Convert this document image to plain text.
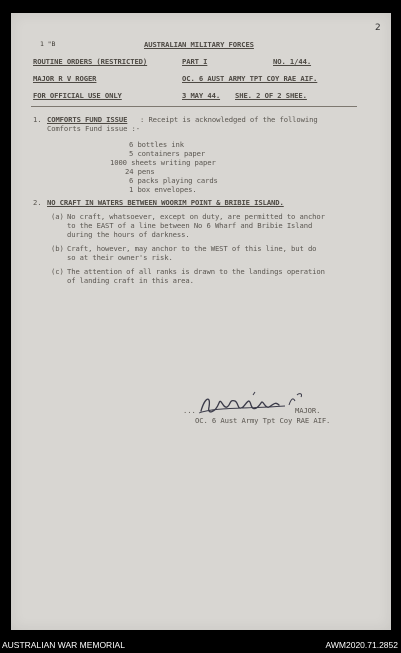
2
1 "B	AUSTRALIAN MILITARY FORCES
ROUTINE ORDERS (RESTRICTED)	PART I	NO. 1/44.
MAJOR R V ROGER	OC. 6 AUST ARMY TPT COY RAE AIF.
FOR OFFICIAL USE ONLY	3 MAY 44. SHE. 2 OF 2 SHEE.
1. COMFORTS FUND ISSUE : Receipt is acknowledged of the following
Comforts Fund issue :-
6 bottles ink
5 containers paper
1000 sheets writing paper
24 pens
6 packs playing cards
1 box envelopes.
2. NO CRAFT IN WATERS BETWEEN WOORIM POINT & BRIBIE ISLAND.
(a) No craft, whatsoever, except on duty, are permitted to anchor
to the EAST of a line between No 6 Wharf and Bribie Island
during the hours of darkness.
(b) Craft, however, may anchor to the WEST of this line, but do
so at their owner's risk.
(c) The attention of all ranks is drawn to the landings operation
of landing craft in this area.
...	MAJOR.
OC. 6 Aust Army Tpt Coy RAE AIF.
AUSTRALIAN WAR MEMORIAL	AWM2020.71.2852
